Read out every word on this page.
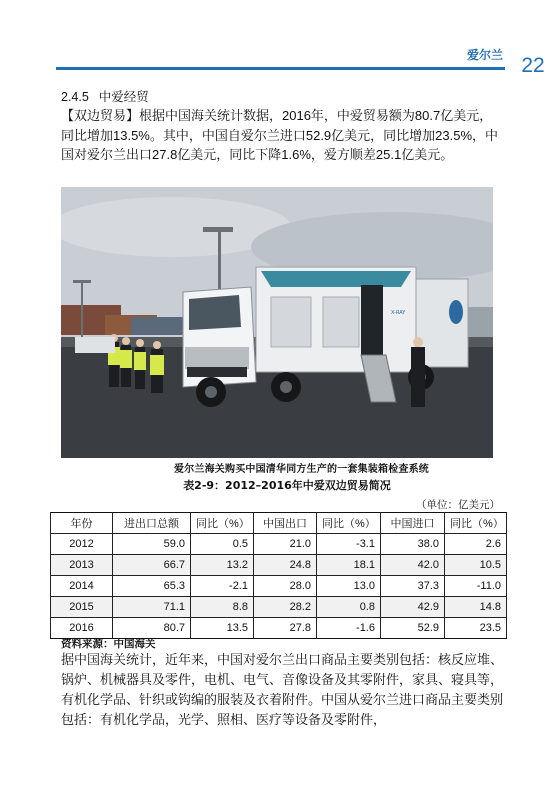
爱尔兰 22
2.4.5 中爱经贸
【双边贸易】根据中国海关统计数据，2016年，中爱贸易额为80.7亿美元，同比增加13.5%。其中，中国自爱尔兰进口52.9亿美元，同比增加23.5%，中国对爱尔兰出口27.8亿美元，同比下降1.6%，爱方顺差25.1亿美元。
X-RAY
爱尔兰海关购买中国清华同方生产的一套集装箱检查系统
表2-9：2012–2016年中爱双边贸易简况
（单位：亿美元）
年份	进出口总额	同比（%）	中国出口	同比（%）	中国进口	同比（%）
2012	59.0	0.5	21.0	-3.1	38.0	2.6
2013	66.7	13.2	24.8	18.1	42.0	10.5
2014	65.3	-2.1	28.0	13.0	37.3	-11.0
2015	71.1	8.8	28.2	0.8	42.9	14.8
2016	80.7	13.5	27.8	-1.6	52.9	23.5
资料来源：中国海关
据中国海关统计，近年来，中国对爱尔兰出口商品主要类别包括：核反应堆、锅炉、机械器具及零件，电机、电气、音像设备及其零附件，家具、寝具等，有机化学品、针织或钩编的服装及衣着附件。中国从爱尔兰进口商品主要类别包括：有机化学品，光学、照相、医疗等设备及零附件，
